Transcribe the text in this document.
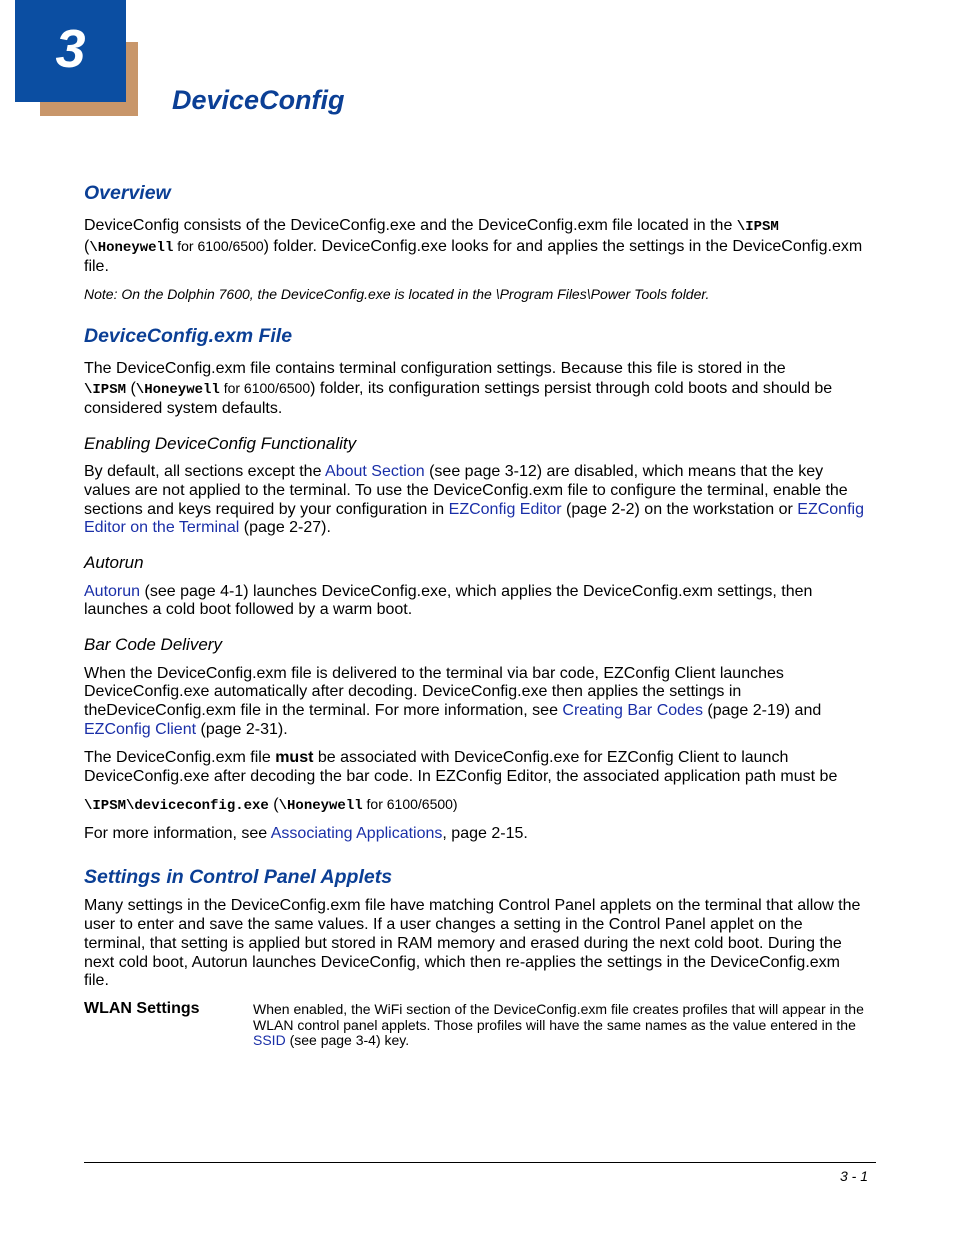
3
DeviceConfig
Overview

DeviceConfig consists of the DeviceConfig.exe and the DeviceConfig.exm file located in the \IPSM
(\Honeywell for 6100/6500) folder. DeviceConfig.exe looks for and applies the settings in the DeviceConfig.exm file.

Note: On the Dolphin 7600, the DeviceConfig.exe is located in the \Program Files\Power Tools folder.

DeviceConfig.exm File

The DeviceConfig.exm file contains terminal configuration settings. Because this file is stored in the
\IPSM (\Honeywell for 6100/6500) folder, its configuration settings persist through cold boots and should be considered system defaults.

Enabling DeviceConfig Functionality

By default, all sections except the About Section (see page 3-12) are disabled, which means that the key values are not applied to the terminal. To use the DeviceConfig.exm file to configure the terminal, enable the sections and keys required by your configuration in EZConfig Editor (page 2-2) on the workstation or EZConfig Editor on the Terminal (page 2-27).

Autorun

Autorun (see page 4-1) launches DeviceConfig.exe, which applies the DeviceConfig.exm settings, then launches a cold boot followed by a warm boot.

Bar Code Delivery

When the DeviceConfig.exm file is delivered to the terminal via bar code, EZConfig Client launches DeviceConfig.exe automatically after decoding. DeviceConfig.exe then applies the settings in theDeviceConfig.exm file in the terminal. For more information, see Creating Bar Codes (page 2-19) and EZConfig Client (page 2-31).

The DeviceConfig.exm file must be associated with DeviceConfig.exe for EZConfig Client to launch DeviceConfig.exe after decoding the bar code. In EZConfig Editor, the associated application path must be

\IPSM\deviceconfig.exe (\Honeywell for 6100/6500)

For more information, see Associating Applications, page 2-15.

Settings in Control Panel Applets

Many settings in the DeviceConfig.exm file have matching Control Panel applets on the terminal that allow the user to enter and save the same values. If a user changes a setting in the Control Panel applet on the terminal, that setting is applied but stored in RAM memory and erased during the next cold boot. During the next cold boot, Autorun launches DeviceConfig, which then re-applies the settings in the DeviceConfig.exm file.

WLAN Settings	When enabled, the WiFi section of the DeviceConfig.exm file creates profiles that will appear in the WLAN control panel applets. Those profiles will have the same names as the value entered in the SSID (see page 3-4) key.
3 - 1
